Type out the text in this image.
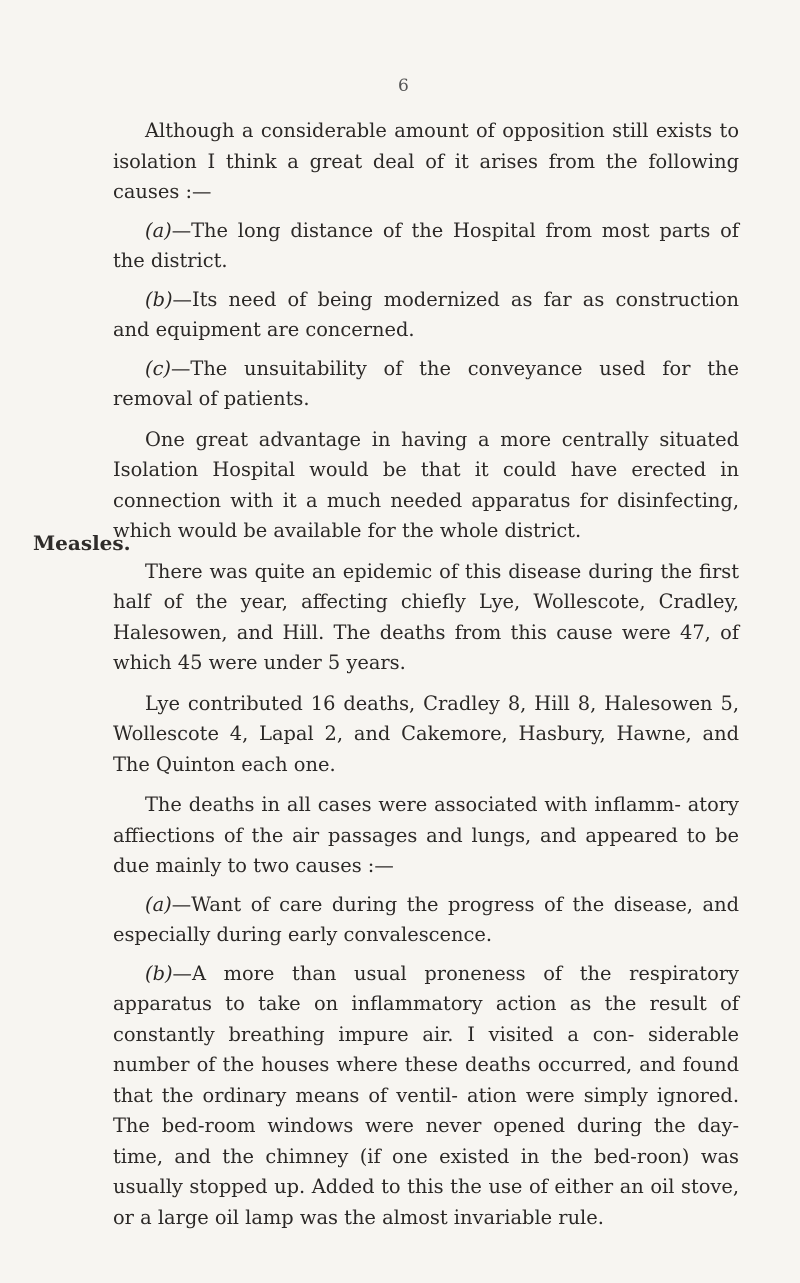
6
Measles.

Although a considerable amount of opposition still exists to isolation I think a great deal of it arises from the following causes :—

(a)—The long distance of the Hospital from most parts of the district.

(b)—Its need of being modernized as far as construction and equipment are concerned.

(c)—The unsuitability of the conveyance used for the removal of patients.

One great advantage in having a more centrally situated Isolation Hospital would be that it could have erected in connection with it a much needed apparatus for disinfecting, which would be available for the whole district.

There was quite an epidemic of this disease during the first half of the year, affecting chiefly Lye, Wollescote, Cradley, Halesowen, and Hill. The deaths from this cause were 47, of which 45 were under 5 years.

Lye contributed 16 deaths, Cradley 8, Hill 8, Halesowen 5, Wollescote 4, Lapal 2, and Cakemore, Hasbury, Hawne, and The Quinton each one.

The deaths in all cases were associated with inflamm- atory affiections of the air passages and lungs, and appeared to be due mainly to two causes :—

(a)—Want of care during the progress of the disease, and especially during early convalescence.

(b)—A more than usual proneness of the respiratory apparatus to take on inflammatory action as the result of constantly breathing impure air. I visited a con- siderable number of the houses where these deaths occurred, and found that the ordinary means of ventil- ation were simply ignored. The bed-room windows were never opened during the day-time, and the chimney (if one existed in the bed-roon) was usually stopped up. Added to this the use of either an oil stove, or a large oil lamp was the almost invariable rule.
